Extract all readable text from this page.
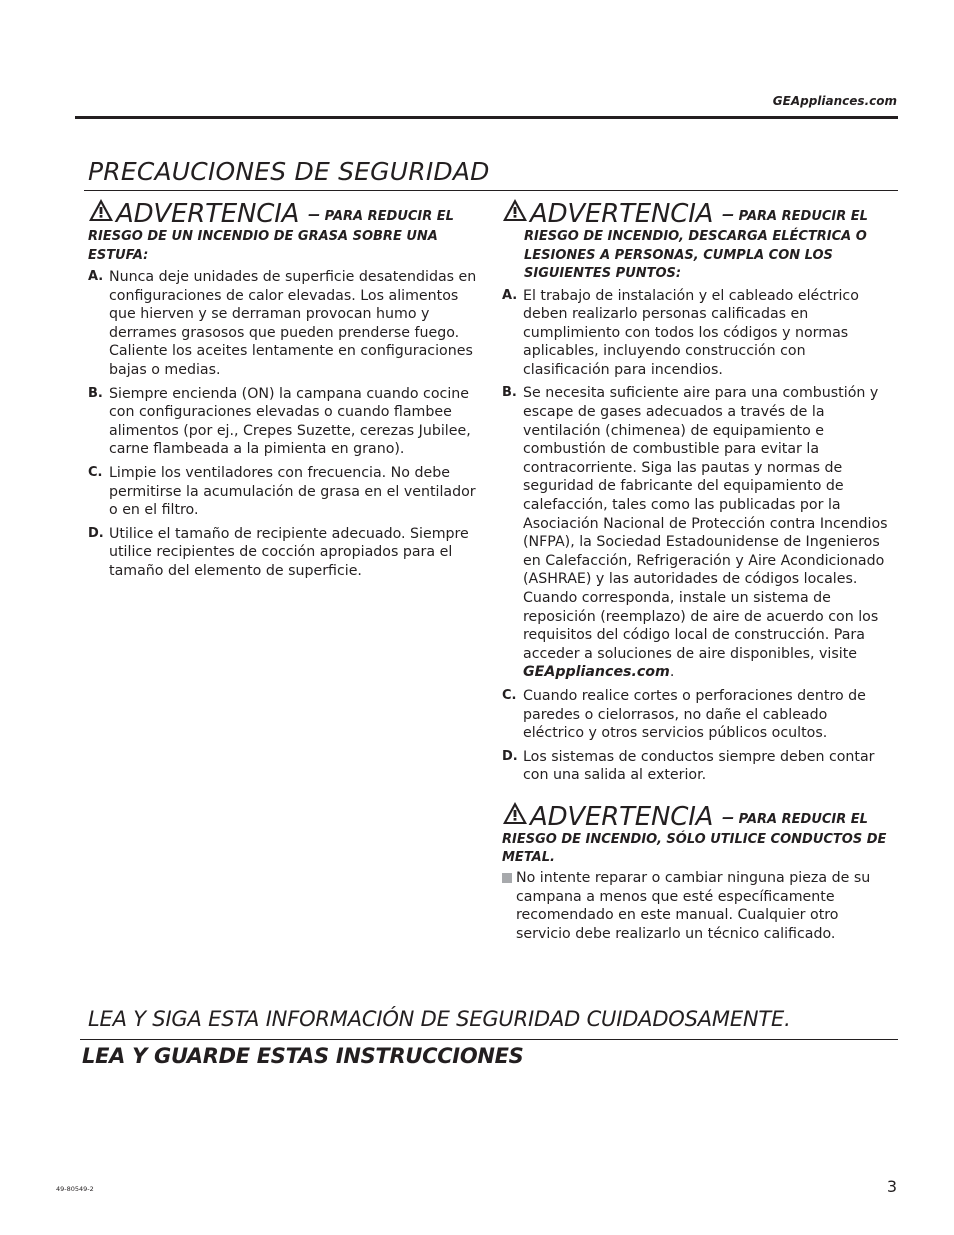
GEAppliances.com
PRECAUCIONES DE SEGURIDAD

ADVERTENCIA – PARA REDUCIR EL RIESGO DE UN INCENDIO DE GRASA SOBRE UNA ESTUFA:

A. Nunca deje unidades de superficie desatendidas en configuraciones de calor elevadas. Los alimentos que hierven y se derraman provocan humo y derrames grasosos que pueden prenderse fuego. Caliente los aceites lentamente en configuraciones bajas o medias.
B. Siempre encienda (ON) la campana cuando cocine con configuraciones elevadas o cuando flambee alimentos (por ej., Crepes Suzette, cerezas Jubilee, carne flambeada a la pimienta en grano).
C. Limpie los ventiladores con frecuencia. No debe permitirse la acumulación de grasa en el ventilador o en el filtro.
D. Utilice el tamaño de recipiente adecuado. Siempre utilice recipientes de cocción apropiados para el tamaño del elemento de superficie.

ADVERTENCIA – PARA REDUCIR EL

RIESGO DE INCENDIO, DESCARGA ELÉCTRICA O LESIONES A PERSONAS, CUMPLA CON LOS SIGUIENTES PUNTOS:

A. El trabajo de instalación y el cableado eléctrico deben realizarlo personas calificadas en cumplimiento con todos los códigos y normas aplicables, incluyendo construcción con clasificación para incendios.
B. Se necesita suficiente aire para una combustión y escape de gases adecuados a través de la ventilación (chimenea) de equipamiento e combustión de combustible para evitar la contracorriente. Siga las pautas y normas de seguridad de fabricante del equipamiento de calefacción, tales como las publicadas por la Asociación Nacional de Protección contra Incendios (NFPA), la Sociedad Estadounidense de Ingenieros en Calefacción, Refrigeración y Aire Acondicionado (ASHRAE) y las autoridades de códigos locales. Cuando corresponda, instale un sistema de reposición (reemplazo) de aire de acuerdo con los requisitos del código local de construcción. Para acceder a soluciones de aire disponibles, visite GEAppliances.com.
C. Cuando realice cortes o perforaciones dentro de paredes o cielorrasos, no dañe el cableado eléctrico y otros servicios públicos ocultos.
D. Los sistemas de conductos siempre deben contar con una salida al exterior.

ADVERTENCIA – PARA REDUCIR EL RIESGO DE INCENDIO, SÓLO UTILICE CONDUCTOS DE METAL.

No intente reparar o cambiar ninguna pieza de su campana a menos que esté específicamente recomendado en este manual. Cualquier otro servicio debe realizarlo un técnico calificado.
LEA Y SIGA ESTA INFORMACIÓN DE SEGURIDAD CUIDADOSAMENTE.
LEA Y GUARDE ESTAS INSTRUCCIONES
49-80549-2	3
